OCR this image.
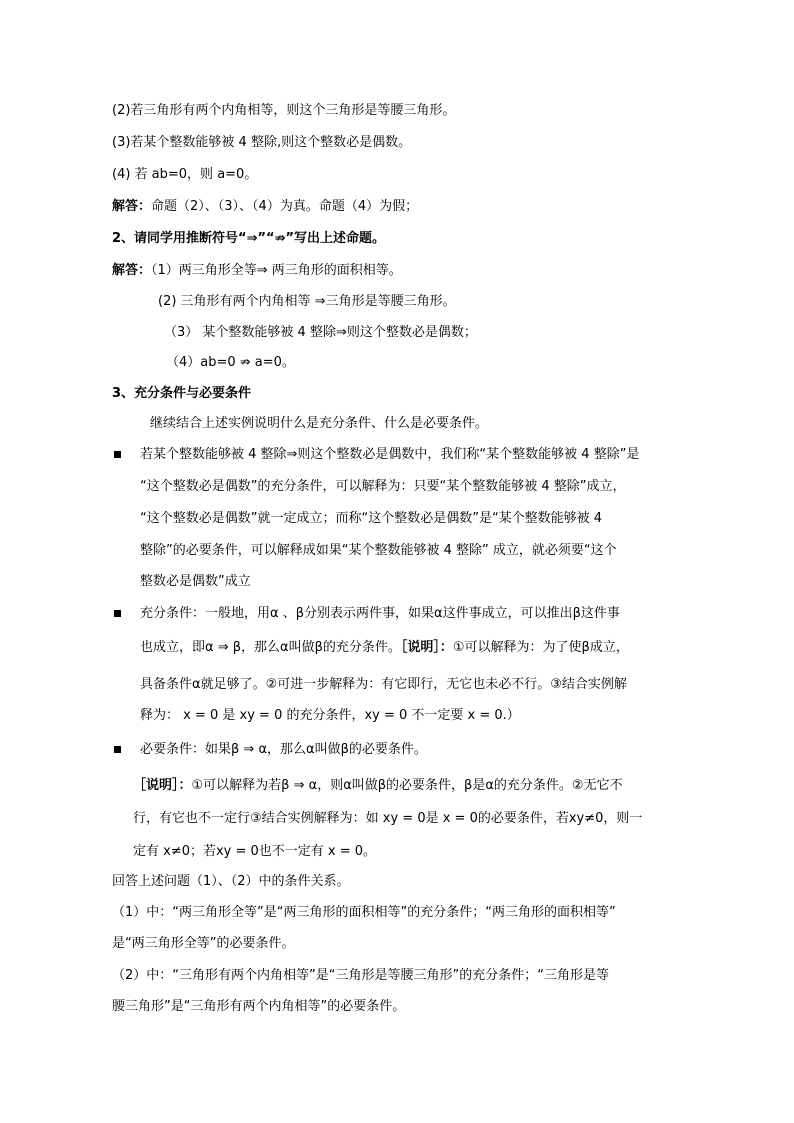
(2)若三角形有两个内角相等，则这个三角形是等腰三角形。
(3)若某个整数能够被 4 整除,则这个整数必是偶数。
(4) 若 ab=0，则 a=0。
解答：命题（2）、（3）、（4）为真。命题（4）为假；
2、请同学用推断符号“⇒”“⇏”写出上述命题。
解答：（1）两三角形全等⇒ 两三角形的面积相等。
(2) 三角形有两个内角相等 ⇒三角形是等腰三角形。
（3） 某个整数能够被 4 整除⇒则这个整数必是偶数；
（4）ab=0 ⇏ a=0。
3、充分条件与必要条件
继续结合上述实例说明什么是充分条件、什么是必要条件。
若某个整数能够被 4 整除⇒则这个整数必是偶数中，我们称“某个整数能够被 4 整除”是
“这个整数必是偶数”的充分条件，可以解释为：只要“某个整数能够被 4 整除”成立，
“这个整数必是偶数”就一定成立；而称“这个整数必是偶数”是“某个整数能够被 4
整除”的必要条件，可以解释成如果“某个整数能够被 4 整除” 成立，就必须要“这个
整数必是偶数”成立
充分条件：一般地，用α 、β分别表示两件事，如果α这件事成立，可以推出β这件事
也成立，即α ⇒ β，那么α叫做β的充分条件。［说明］：①可以解释为：为了使β成立，
具备条件α就足够了。②可进一步解释为：有它即行，无它也未必不行。③结合实例解
释为： x = 0 是 xy = 0 的充分条件，xy = 0 不一定要 x = 0.）
必要条件：如果β ⇒ α，那么α叫做β的必要条件。
［说明］：①可以解释为若β ⇒ α，则α叫做β的必要条件，β是α的充分条件。②无它不
行，有它也不一定行③结合实例解释为：如 xy = 0是 x = 0的必要条件，若xy≠0，则一
定有 x≠0；若xy = 0也不一定有 x = 0。
回答上述问题（1）、（2）中的条件关系。
（1）中：“两三角形全等”是“两三角形的面积相等”的充分条件；“两三角形的面积相等”
是“两三角形全等”的必要条件。
（2）中：“三角形有两个内角相等”是“三角形是等腰三角形”的充分条件；“三角形是等
腰三角形”是“三角形有两个内角相等”的必要条件。
